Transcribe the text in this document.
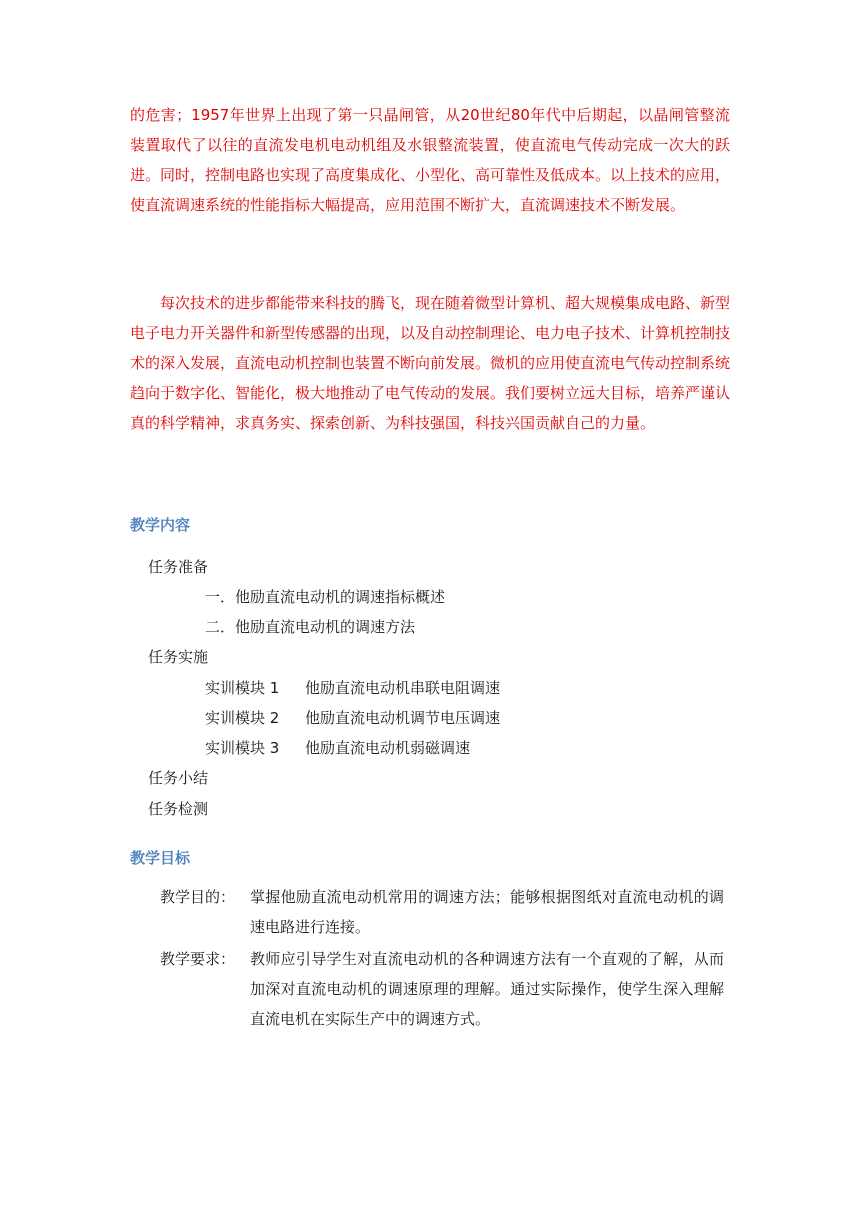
的危害；1957年世界上出现了第一只晶闸管，从20世纪80年代中后期起，以晶闸管整流装置取代了以往的直流发电机电动机组及水银整流装置，使直流电气传动完成一次大的跃进。同时，控制电路也实现了高度集成化、小型化、高可靠性及低成本。以上技术的应用，使直流调速系统的性能指标大幅提高，应用范围不断扩大，直流调速技术不断发展。

每次技术的进步都能带来科技的腾飞，现在随着微型计算机、超大规模集成电路、新型电子电力开关器件和新型传感器的出现，以及自动控制理论、电力电子技术、计算机控制技术的深入发展，直流电动机控制也装置不断向前发展。微机的应用使直流电气传动控制系统趋向于数字化、智能化，极大地推动了电气传动的发展。我们要树立远大目标，培养严谨认真的科学精神，求真务实、探索创新、为科技强国，科技兴国贡献自己的力量。

教学内容
任务准备
一．他励直流电动机的调速指标概述
二．他励直流电动机的调速方法
任务实施
实训模块 1 他励直流电动机串联电阻调速
实训模块 2 他励直流电动机调节电压调速
实训模块 3 他励直流电动机弱磁调速
任务小结
任务检测
教学目标
教学目的： 掌握他励直流电动机常用的调速方法；能够根据图纸对直流电动机的调速电路进行连接。
教学要求： 教师应引导学生对直流电动机的各种调速方法有一个直观的了解，从而加深对直流电动机的调速原理的理解。通过实际操作，使学生深入理解直流电机在实际生产中的调速方式。
